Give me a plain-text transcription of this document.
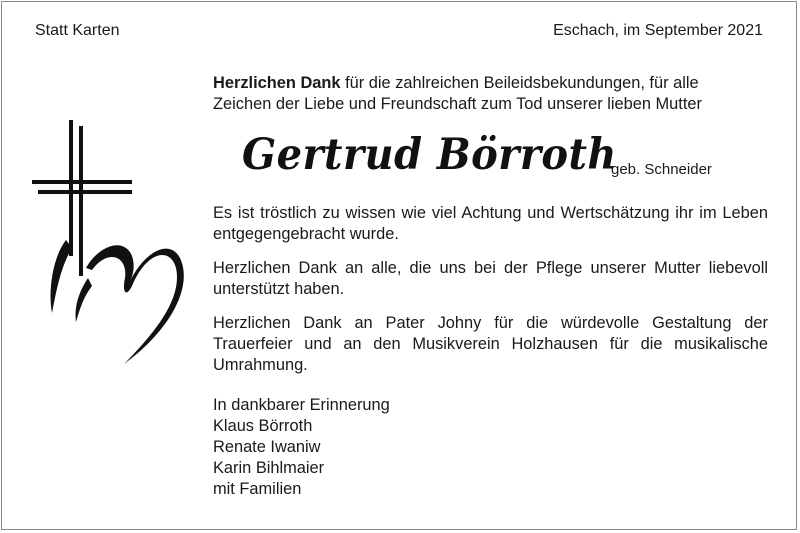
Statt Karten	Eschach, im September 2021
Herzlichen Dank für die zahlreichen Beileidsbekundungen, für alle
Zeichen der Liebe und Freundschaft zum Tod unserer lieben Mutter
Gertrud Börroth
geb. Schneider

Es ist tröstlich zu wissen wie viel Achtung und Wertschätzung ihr im Leben entgegengebracht wurde.

Herzlichen Dank an alle, die uns bei der Pflege unserer Mutter liebevoll unterstützt haben.

Herzlichen Dank an Pater Johny für die würdevolle Gestaltung der Trauerfeier und an den Musikverein Holzhausen für die musikalische Umrahmung.

In dankbarer Erinnerung
Klaus Börroth
Renate Iwaniw
Karin Bihlmaier
mit Familien
